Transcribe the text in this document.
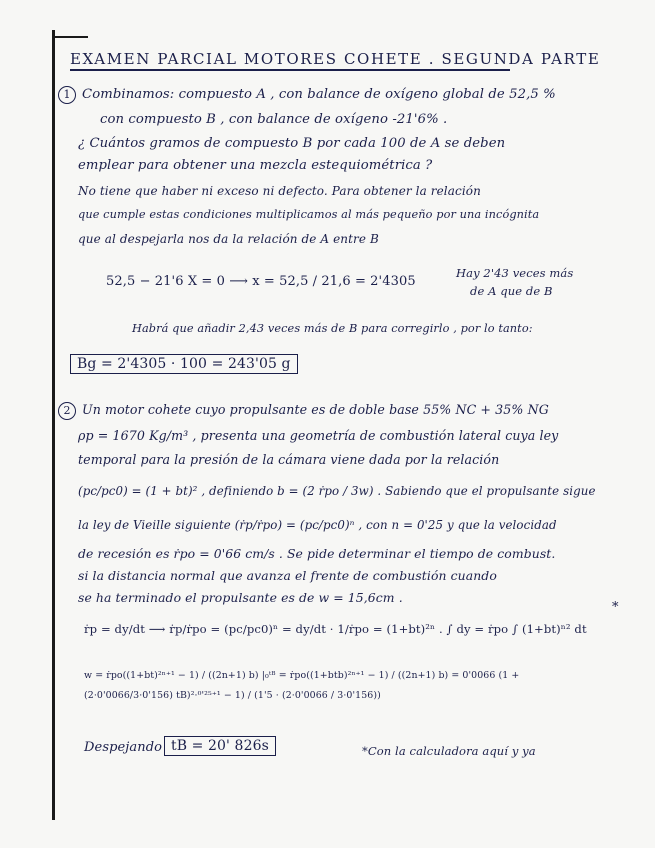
EXAMEN PARCIAL MOTORES COHETE . SEGUNDA PARTE
1 Combinamos: compuesto A , con balance de oxígeno global de 52,5 %
con compuesto B , con balance de oxígeno -21'6% .
¿ Cuántos gramos de compuesto B por cada 100 de A se deben
emplear para obtener una mezcla estequiométrica ?
No tiene que haber ni exceso ni defecto. Para obtener la relación
que cumple estas condiciones multiplicamos al más pequeño por una incógnita
que al despejarla nos da la relación de A entre B
52,5 − 21'6 X = 0 ⟶ x = 52,5 / 21,6 = 2'4305
Hay 2'43 veces más
de A que de B
Habrá que añadir 2,43 veces más de B para corregirlo , por lo tanto:
Bg = 2'4305 · 100 = 243'05 g
2 Un motor cohete cuyo propulsante es de doble base 55% NC + 35% NG
ρp = 1670 Kg/m³ , presenta una geometría de combustión lateral cuya ley
temporal para la presión de la cámara viene dada por la relación
(pc/pc0) = (1 + bt)² , definiendo b = (2 ṙpo / 3w) . Sabiendo que el propulsante sigue
la ley de Vieille siguiente (ṙp/ṙpo) = (pc/pc0)ⁿ , con n = 0'25 y que la velocidad
de recesión es ṙpo = 0'66 cm/s . Se pide determinar el tiempo de combust.
si la distancia normal que avanza el frente de combustión cuando
se ha terminado el propulsante es de w = 15,6cm .
ṙp = dy/dt ⟶ ṙp/ṙpo = (pc/pc0)ⁿ = dy/dt · 1/ṙpo = (1+bt)²ⁿ . ∫ dy = ṙpo ∫ (1+bt)ⁿ² dt
*
w = ṙpo((1+bt)²ⁿ⁺¹ − 1) / ((2n+1) b) |₀ᵗᴮ = ṙpo((1+btb)²ⁿ⁺¹ − 1) / ((2n+1) b) = 0'0066 (1 + (2·0'0066/3·0'156) tB)²·⁰'²⁵⁺¹ − 1) / (1'5 · (2·0'0066 / 3·0'156))
Despejando tB = 20' 826s	*Con la calculadora aquí y ya
